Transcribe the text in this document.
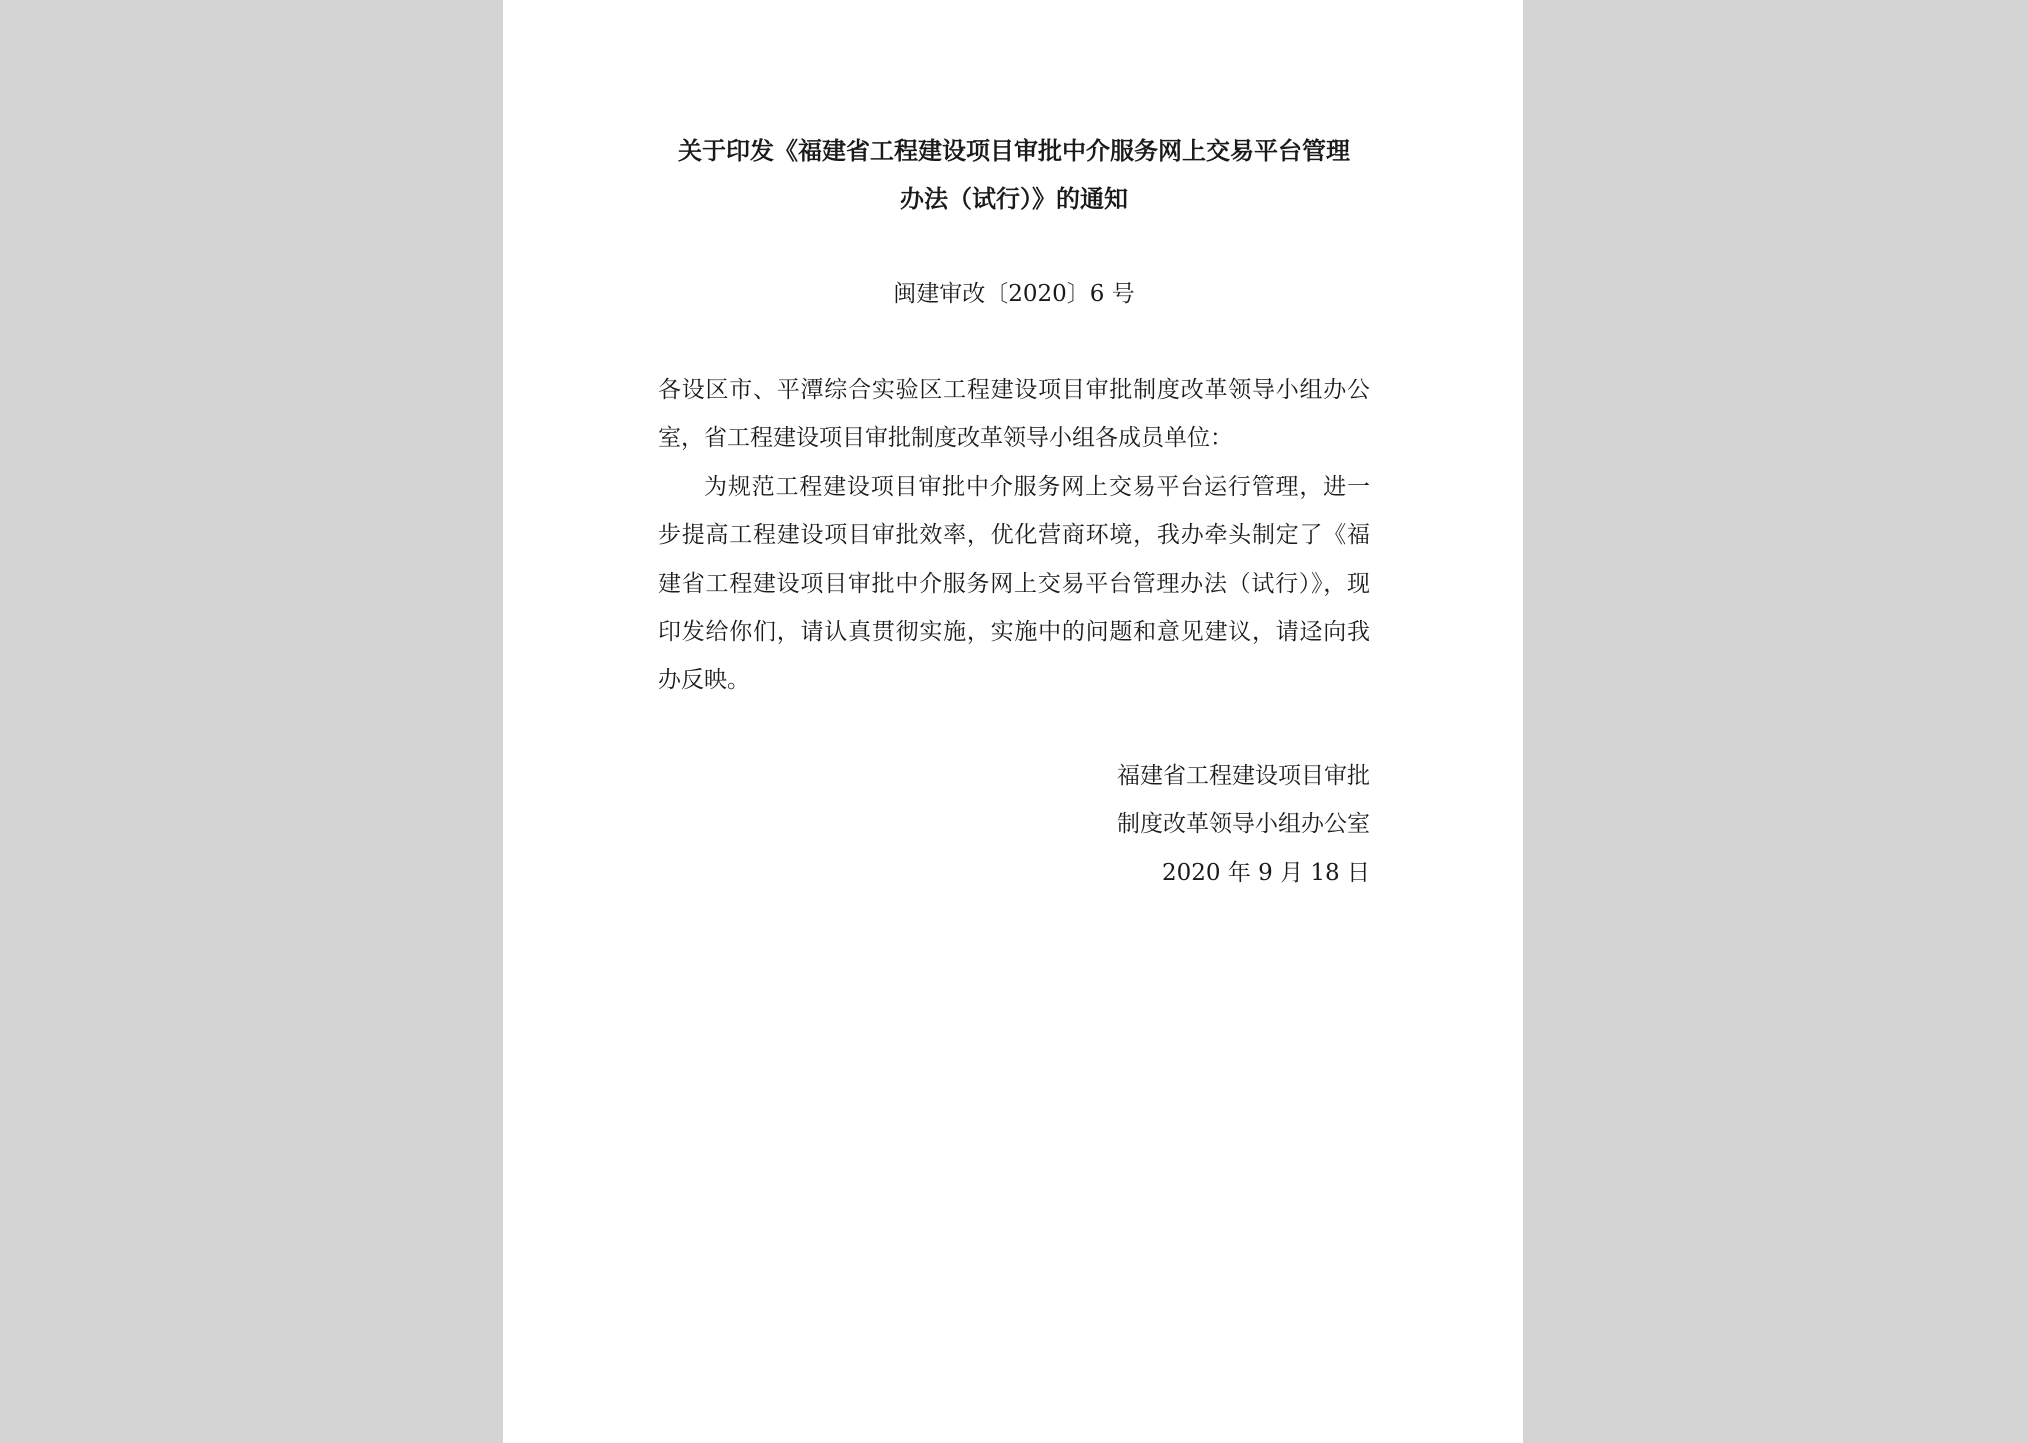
关于印发《福建省工程建设项目审批中介服务网上交易平台管理
办法（试行）》的通知
闽建审改〔2020〕6 号

各设区市、平潭综合实验区工程建设项目审批制度改革领导小组办公室，省工程建设项目审批制度改革领导小组各成员单位：

为规范工程建设项目审批中介服务网上交易平台运行管理，进一步提高工程建设项目审批效率，优化营商环境，我办牵头制定了《福建省工程建设项目审批中介服务网上交易平台管理办法（试行）》，现印发给你们，请认真贯彻实施，实施中的问题和意见建议，请迳向我办反映。

福建省工程建设项目审批
制度改革领导小组办公室
2020 年 9 月 18 日
